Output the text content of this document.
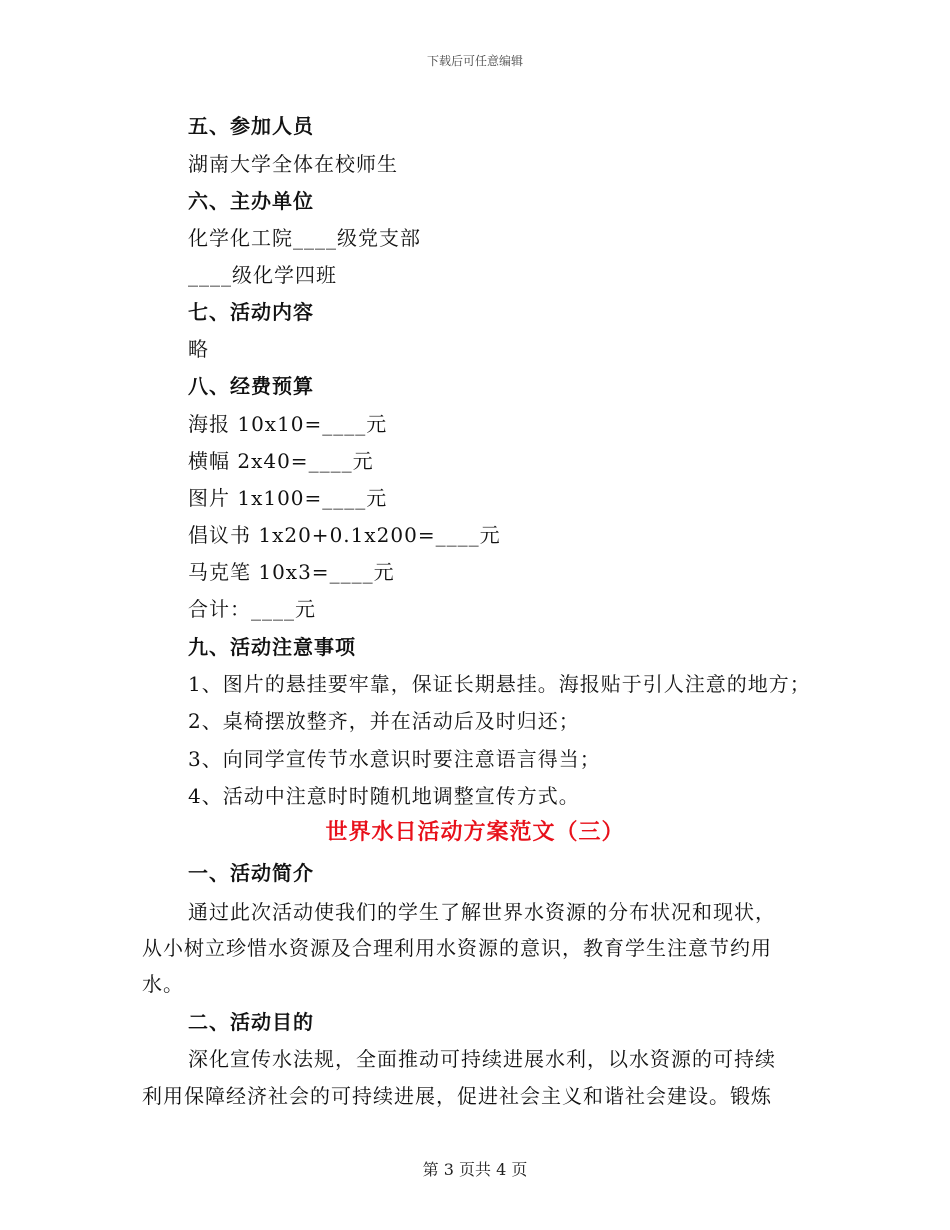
下载后可任意编辑
五、参加人员
湖南大学全体在校师生
六、主办单位
化学化工院____级党支部
____级化学四班
七、活动内容
略
八、经费预算
海报 10x10=____元
横幅 2x40=____元
图片 1x100=____元
倡议书 1x20+0.1x200=____元
马克笔 10x3=____元
合计：____元
九、活动注意事项
1、图片的悬挂要牢靠，保证长期悬挂。海报贴于引人注意的地方；
2、桌椅摆放整齐，并在活动后及时归还；
3、向同学宣传节水意识时要注意语言得当；
4、活动中注意时时随机地调整宣传方式。
世界水日活动方案范文（三）
一、活动简介
通过此次活动使我们的学生了解世界水资源的分布状况和现状，
从小树立珍惜水资源及合理利用水资源的意识，教育学生注意节约用
水。
二、活动目的
深化宣传水法规，全面推动可持续进展水利，以水资源的可持续
利用保障经济社会的可持续进展，促进社会主义和谐社会建设。锻炼
第 3 页共 4 页
